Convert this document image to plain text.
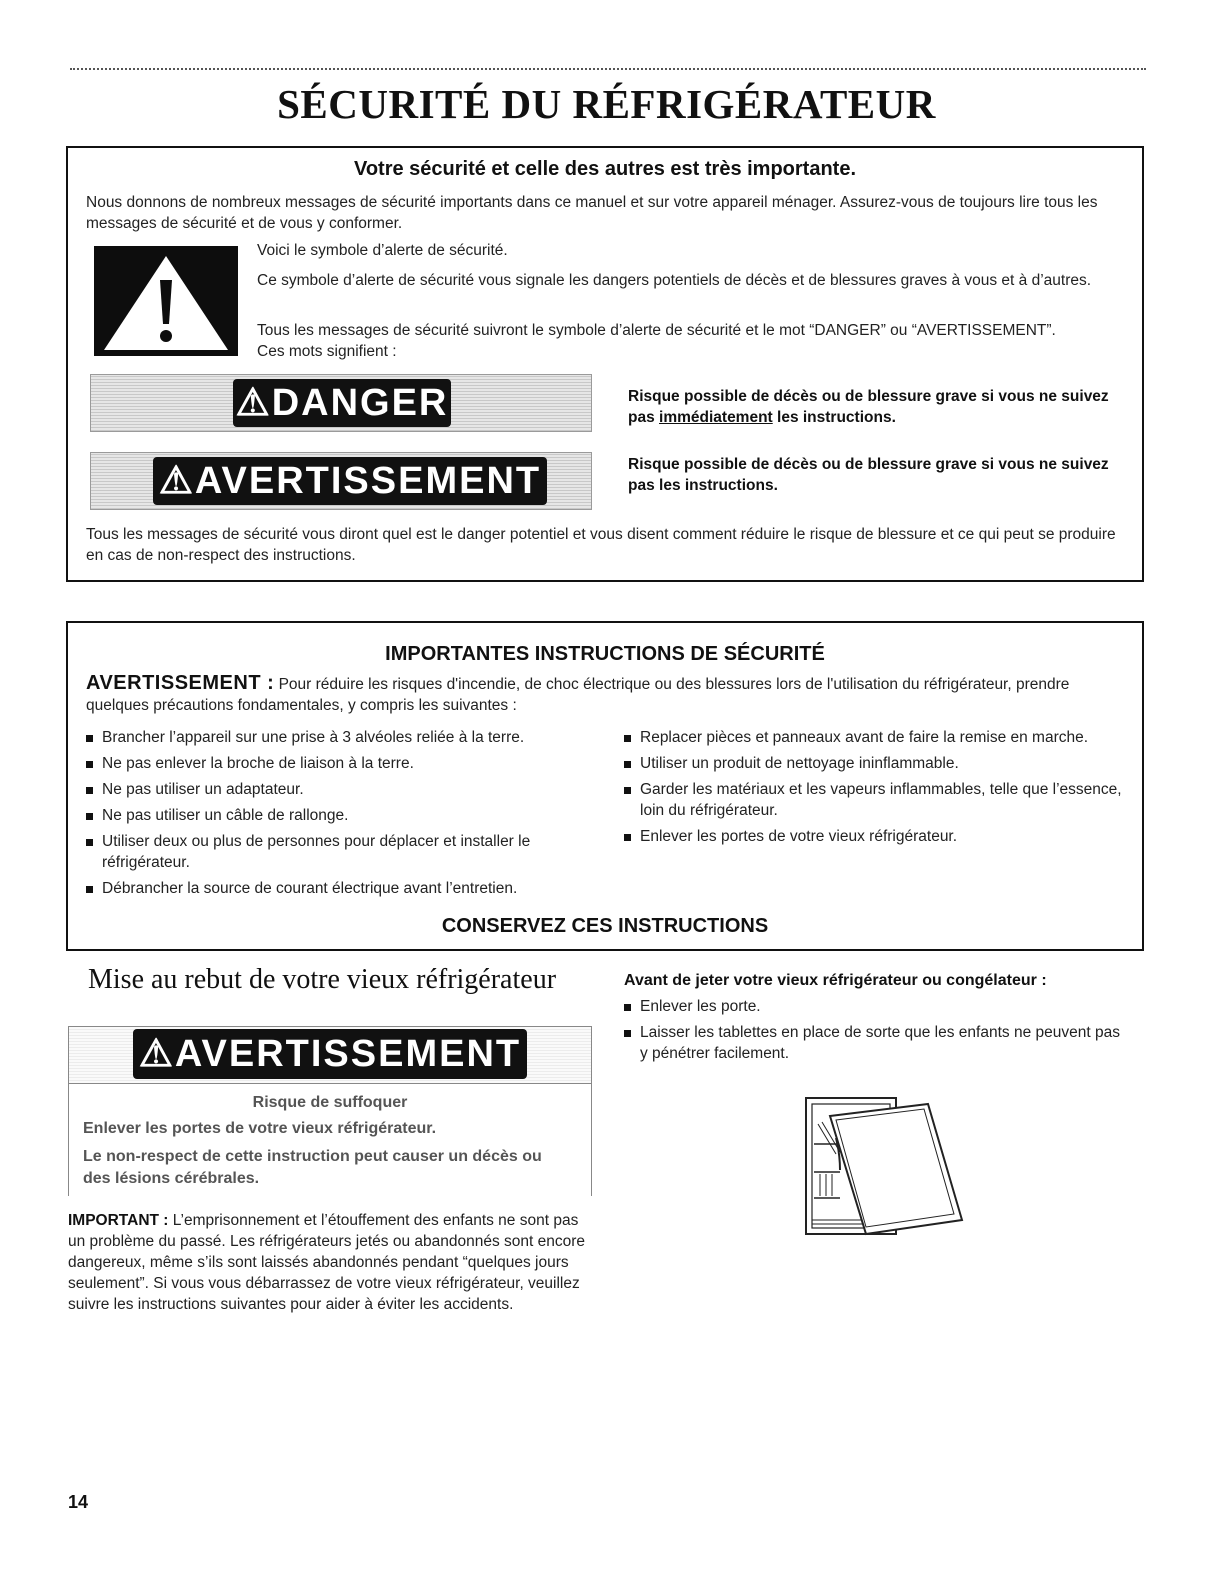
SÉCURITÉ DU RÉFRIGÉRATEUR
Votre sécurité et celle des autres est très importante.
Nous donnons de nombreux messages de sécurité importants dans ce manuel et sur votre appareil ménager. Assurez-vous de toujours lire tous les messages de sécurité et de vous y conformer.
Voici le symbole d’alerte de sécurité.
Ce symbole d’alerte de sécurité vous signale les dangers potentiels de décès et de blessures graves à vous et à d’autres.
Tous les messages de sécurité suivront le symbole d’alerte de sécurité et le mot “DANGER” ou “AVERTISSEMENT”. Ces mots signifient :
⚠DANGER	Risque possible de décès ou de blessure grave si vous ne suivez pas immédiatement les instructions.
⚠AVERTISSEMENT	Risque possible de décès ou de blessure grave si vous ne suivez pas les instructions.
Tous les messages de sécurité vous diront quel est le danger potentiel et vous disent comment réduire le risque de blessure et ce qui peut se produire en cas de non-respect des instructions.
IMPORTANTES INSTRUCTIONS DE SÉCURITÉ
AVERTISSEMENT : Pour réduire les risques d'incendie, de choc électrique ou des blessures lors de l'utilisation du réfrigérateur, prendre quelques précautions fondamentales, y compris les suivantes :
Brancher l’appareil sur une prise à 3 alvéoles reliée à la terre.
Ne pas enlever la broche de liaison à la terre.
Ne pas utiliser un adaptateur.
Ne pas utiliser un câble de rallonge.
Utiliser deux ou plus de personnes pour déplacer et installer le réfrigérateur.
Débrancher la source de courant électrique avant l’entretien.
Replacer pièces et panneaux avant de faire la remise en marche.
Utiliser un produit de nettoyage ininflammable.
Garder les matériaux et les vapeurs inflammables, telle que l’essence, loin du réfrigérateur.
Enlever les portes de votre vieux réfrigérateur.
CONSERVEZ CES INSTRUCTIONS
Mise au rebut de votre vieux réfrigérateur
⚠AVERTISSEMENT
Risque de suffoquer
Enlever les portes de votre vieux réfrigérateur.
Le non-respect de cette instruction peut causer un décès ou des lésions cérébrales.
IMPORTANT : L’emprisonnement et l’étouffement des enfants ne sont pas un problème du passé. Les réfrigérateurs jetés ou abandonnés sont encore dangereux, même s’ils sont laissés abandonnés pendant “quelques jours seulement”. Si vous vous débarrassez de votre vieux réfrigérateur, veuillez suivre les instructions suivantes pour aider à éviter les accidents.
Avant de jeter votre vieux réfrigérateur ou congélateur :
Enlever les porte.
Laisser les tablettes en place de sorte que les enfants ne peuvent pas y pénétrer facilement.
14
